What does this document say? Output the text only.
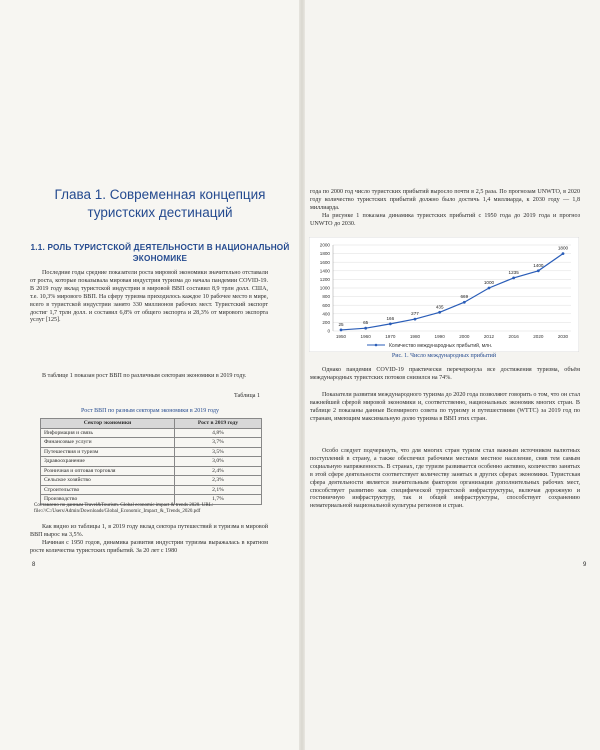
Глава 1. Современная концепция туристских дестинаций
1.1. РОЛЬ ТУРИСТСКОЙ ДЕЯТЕЛЬНОСТИ В НАЦИОНАЛЬНОЙ ЭКОНОМИКЕ

Последние годы средние показатели роста мировой экономики значительно отставали от роста, которые показывала мировая индустрия туризма до начала пандемии COVID-19. В 2019 году вклад туристской индустрии в мировой ВВП составил 8,9 трлн долл. США, т.е. 10,3% мирового ВВП. На сферу туризма приходилось каждое 10 рабочее место в мире, всего в туристской индустрии занято 330 миллионов рабочих мест. Туристский экспорт достиг 1,7 трлн долл. и составил 6,8% от общего экспорта и 28,3% от мирового экспорта услуг [125].

В таблице 1 показан рост ВВП по различным секторам экономики в 2019 году.

Таблица 1

Рост ВВП по разным секторам экономики в 2019 году
Сектор экономики	Рост в 2019 году
Информация и связь	4,8%
Финансовые услуги	3,7%
Путешествия и туризм	3,5%
Здравоохранение	3,0%
Розничная и оптовая торговля	2,4%
Сельское хозяйство	2,3%
Строительство	2,1%
Производство	1,7%

Составлено по данным Travel&Tourism. Global economic impact & trends 2020. URL: file:///C:/Users/Admin/Downloads/Global_Economic_Impact_&_Trends_2020.pdf

Как видно из таблицы 1, в 2019 году вклад сектора путешествий и туризма в мировой ВВП вырос на 3,5%.

Начиная с 1950 годов, динамика развития индустрии туризма выражалась в кратном росте количества туристских прибытий. За 20 лет с 1980

8

года по 2000 год число туристских прибытий выросло почти в 2,5 раза. По прогнозам UNWTO, в 2020 году количество туристских прибытий должно было достичь 1,4 миллиарда, к 2030 году — 1,8 миллиарда.

На рисунке 1 показана динамика туристских прибытий с 1950 года до 2019 года и прогноз UNWTO до 2030.

Однако пандемия COVID-19 практически перечеркнула все достижения туризма, объём международных туристских потоков снизился на 74%.

Показатели развития международного туризма до 2020 года позволяют говорить о том, что он стал важнейшей сферой мировой экономики и, соответственно, национальных экономик многих стран. В таблице 2 показаны данные Всемирного совета по туризму и путешествиям (WTTC) за 2019 год по странам, имеющим максимальную долю туризма в ВВП этих стран.

Особо следует подчеркнуть, что для многих стран туризм стал важным источником валютных поступлений в страну, а также обеспечил рабочими местами местное население, сняв тем самым социальную напряженность. В странах, где туризм развивается особенно активно, количество занятых в этой сфере деятельности соответствует количеству занятых в других сферах экономики. Туристская сфера деятельности является значительным фактором организации дополнительных рабочих мест, способствует развитию как специфической туристской инфраструктуры, включая дорожную и гостиничную инфраструктуру, так и общей инфраструктуры, способствует сохранению нематериальной национальной культуры регионов и стран.

9
0
200
400
600
800
1000
1200
1400
1600
1800
2000
1950	1960	1970	1980	1990	2000	2012	2016	2020	2030
25	65
166
277
435
669
1000
1235
1400
1800
Количество международных прибытий, млн.
Рис. 1. Число международных прибытий
